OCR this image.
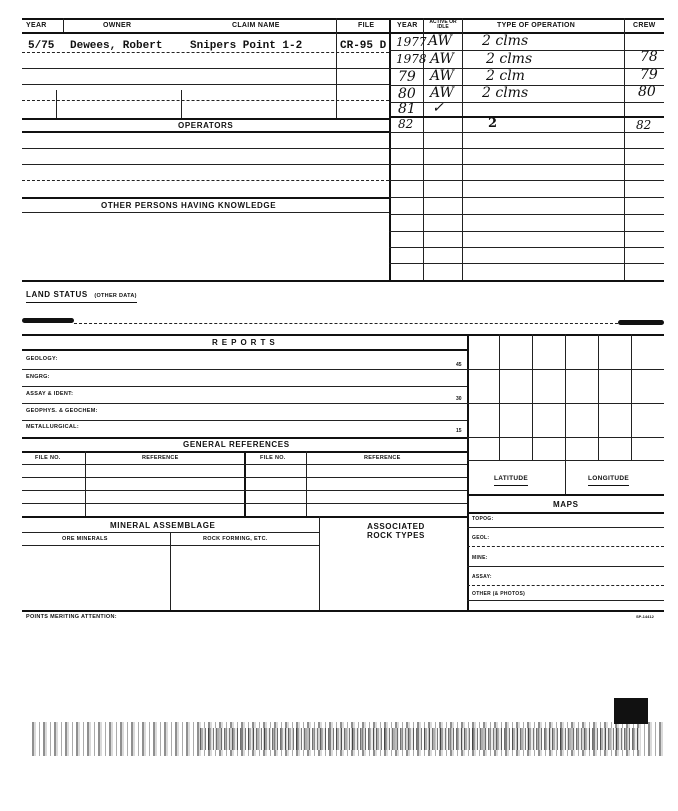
YEAR	OWNER	CLAIM NAME	FILE	YEAR	ACTIVE OR IDLE	TYPE OF OPERATION	CREW
5/75 Dewees, Robert	Snipers Point 1-2	CR-95 D
OPERATORS
OTHER PERSONS HAVING KNOWLEDGE
1977 AW 2 clms
1978 AW 2 clms	78
79 AW 2 clm	79
80 AW 2 clms	80
81 ✓
82	2	82
LAND STATUS (OTHER DATA)
REPORTS
GEOLOGY:
45
ENGRG:
ASSAY & IDENT:
30
GEOPHYS. & GEOCHEM:
METALLURGICAL:
15
GENERAL REFERENCES
FILE NO.	REFERENCE	FILE NO.	REFERENCE
MINERAL ASSEMBLAGE
ORE MINERALS	ROCK FORMING, ETC.
ASSOCIATED ROCK TYPES
LATITUDE	LONGITUDE
MAPS
TOPOG:
GEOL:
MINE:
ASSAY:
OTHER (& PHOTOS)
POINTS MERITING ATTENTION:	SP-14412
